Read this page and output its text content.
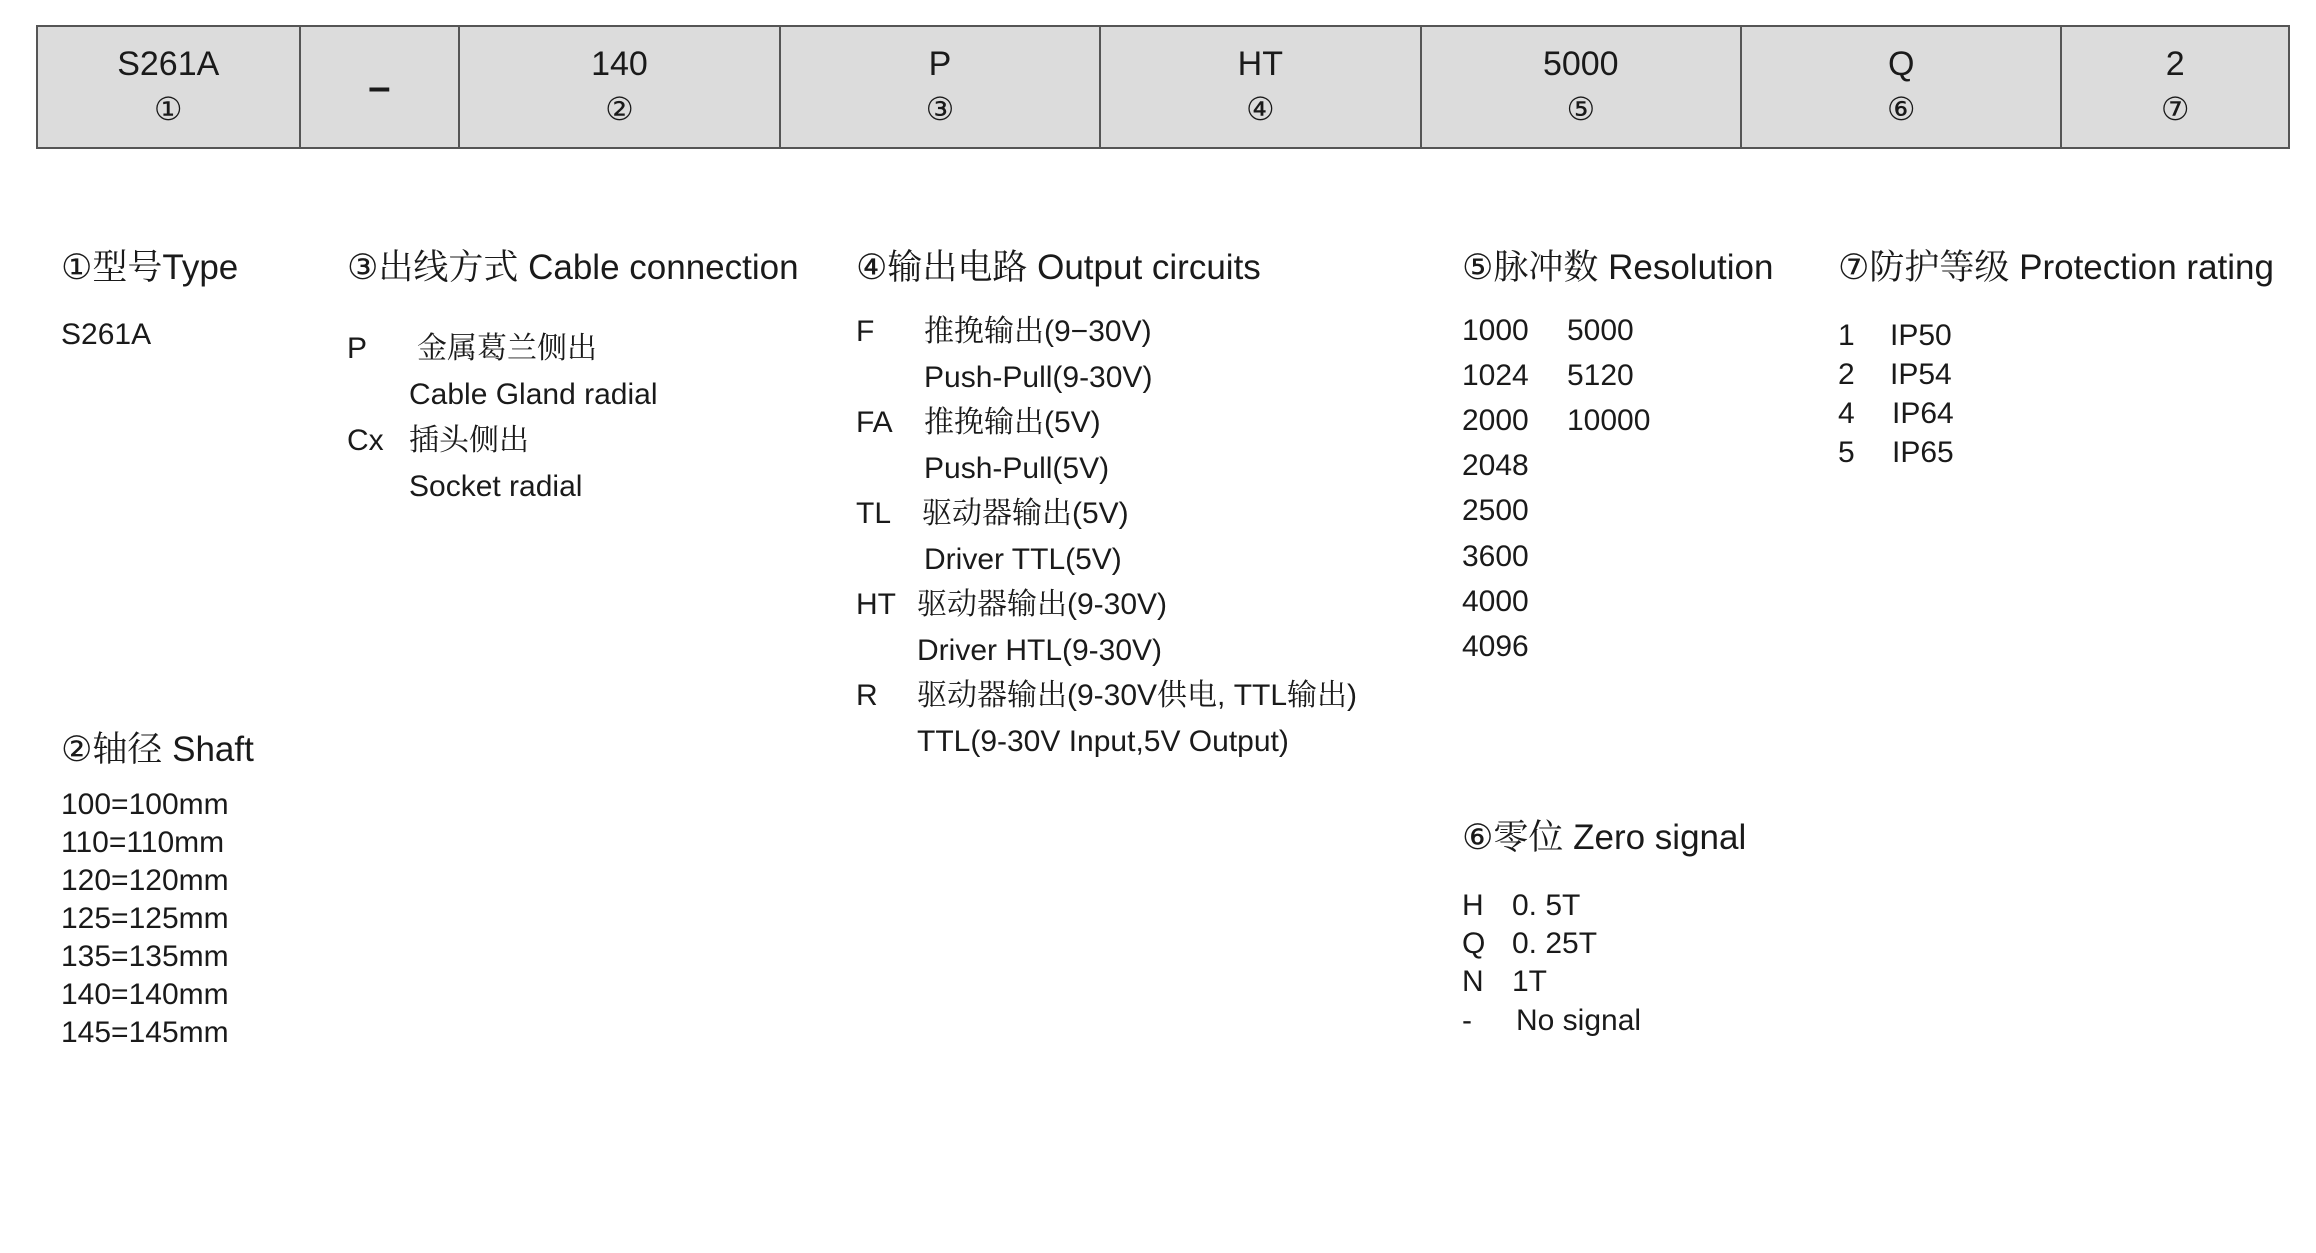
S261A
①
–
140
②
P
③
HT
④
5000
⑤
Q
⑥
2
⑦
①型号Type
S261A
②轴径 Shaft
100=100mm
110=110mm
120=120mm
125=125mm
135=135mm
140=140mm
145=145mm
③出线方式 Cable connection
P 金属葛兰侧出
Cable Gland radial
Cx 插头侧出
Socket radial
④输出电路 Output circuits
F 推挽输出(9−30V)
Push-Pull(9-30V)
FA 推挽输出(5V)
Push-Pull(5V)
TL 驱动器输出(5V)
Driver TTL(5V)
HT 驱动器输出(9-30V)
Driver HTL(9-30V)
R 驱动器输出(9-30V供电, TTL输出)
TTL(9-30V Input,5V Output)
⑤脉冲数 Resolution
1000
1024
2000
2048
2500
3600
4000
4096
5000
5120
10000
⑥零位 Zero signal
H 0. 5T
Q 0. 25T
N 1T
- No signal
⑦防护等级 Protection rating
1 IP50
2 IP54
4 IP64
5 IP65
